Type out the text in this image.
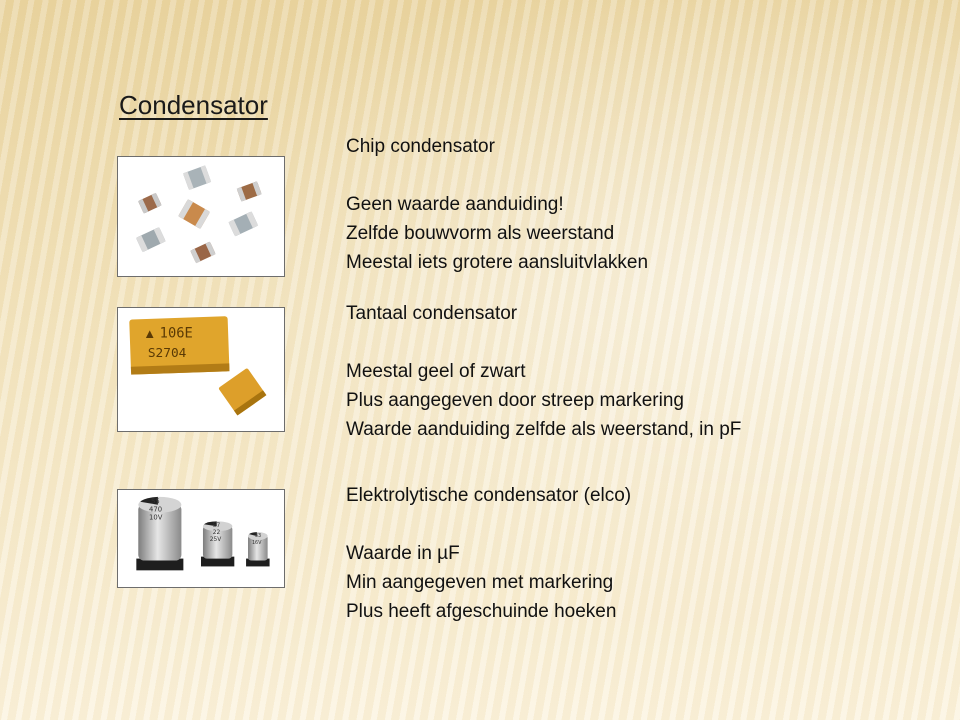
Condensator
▲ 106E
S2704
55
470
10V
57
22
25V
33
16V
Chip condensator
Geen waarde aanduiding!
Zelfde bouwvorm als weerstand
Meestal iets grotere aansluitvlakken
Tantaal condensator
Meestal geel of zwart
Plus aangegeven door streep markering
Waarde aanduiding zelfde als weerstand, in pF
Elektrolytische condensator (elco)
Waarde in µF
Min aangegeven met markering
Plus heeft afgeschuinde hoeken
